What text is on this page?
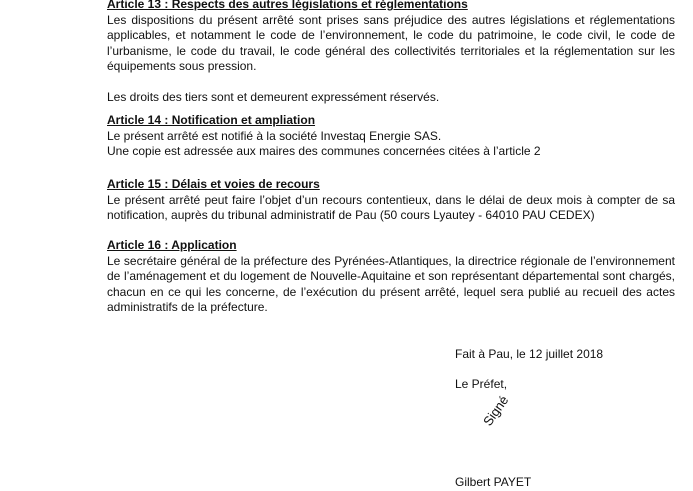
Article 13 : Respects des autres législations et réglementations
Les dispositions du présent arrêté sont prises sans préjudice des autres législations et réglementations applicables, et notamment le code de l’environnement, le code du patrimoine, le code civil, le code de l’urbanisme, le code du travail, le code général des collectivités territoriales et la réglementation sur les équipements sous pression.
Les droits des tiers sont et demeurent expressément réservés.
Article 14 : Notification et ampliation
Le présent arrêté est notifié à la société Investaq Energie SAS.
Une copie est adressée aux maires des communes concernées citées à l’article 2
Article 15 : Délais et voies de recours
Le présent arrêté peut faire l’objet d’un recours contentieux, dans le délai de deux mois à compter de sa notification, auprès du tribunal administratif de Pau (50 cours Lyautey - 64010 PAU CEDEX)
Article 16 : Application
Le secrétaire général de la préfecture des Pyrénées-Atlantiques, la directrice régionale de l’environnement de l’aménagement et du logement de Nouvelle-Aquitaine et son représentant départemental sont chargés, chacun en ce qui les concerne, de l’exécution du présent arrêté, lequel sera publié au recueil des actes administratifs de la préfecture.
Fait à Pau, le 12 juillet 2018
Le Préfet,
Signé
Gilbert PAYET
